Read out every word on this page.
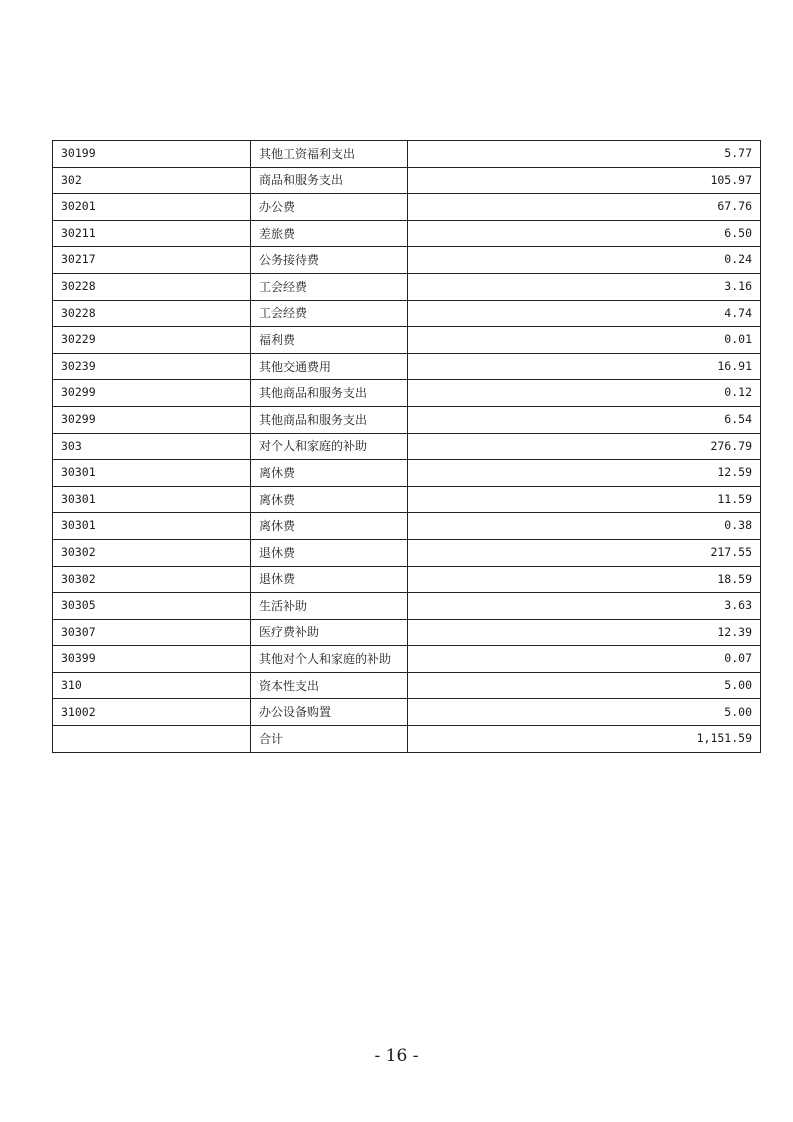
30199	其他工资福利支出	5.77
302	商品和服务支出	105.97
30201	办公费	67.76
30211	差旅费	6.50
30217	公务接待费	0.24
30228	工会经费	3.16
30228	工会经费	4.74
30229	福利费	0.01
30239	其他交通费用	16.91
30299	其他商品和服务支出	0.12
30299	其他商品和服务支出	6.54
303	对个人和家庭的补助	276.79
30301	离休费	12.59
30301	离休费	11.59
30301	离休费	0.38
30302	退休费	217.55
30302	退休费	18.59
30305	生活补助	3.63
30307	医疗费补助	12.39
30399	其他对个人和家庭的补助	0.07
310	资本性支出	5.00
31002	办公设备购置	5.00
	合计	1,151.59
- 16 -
